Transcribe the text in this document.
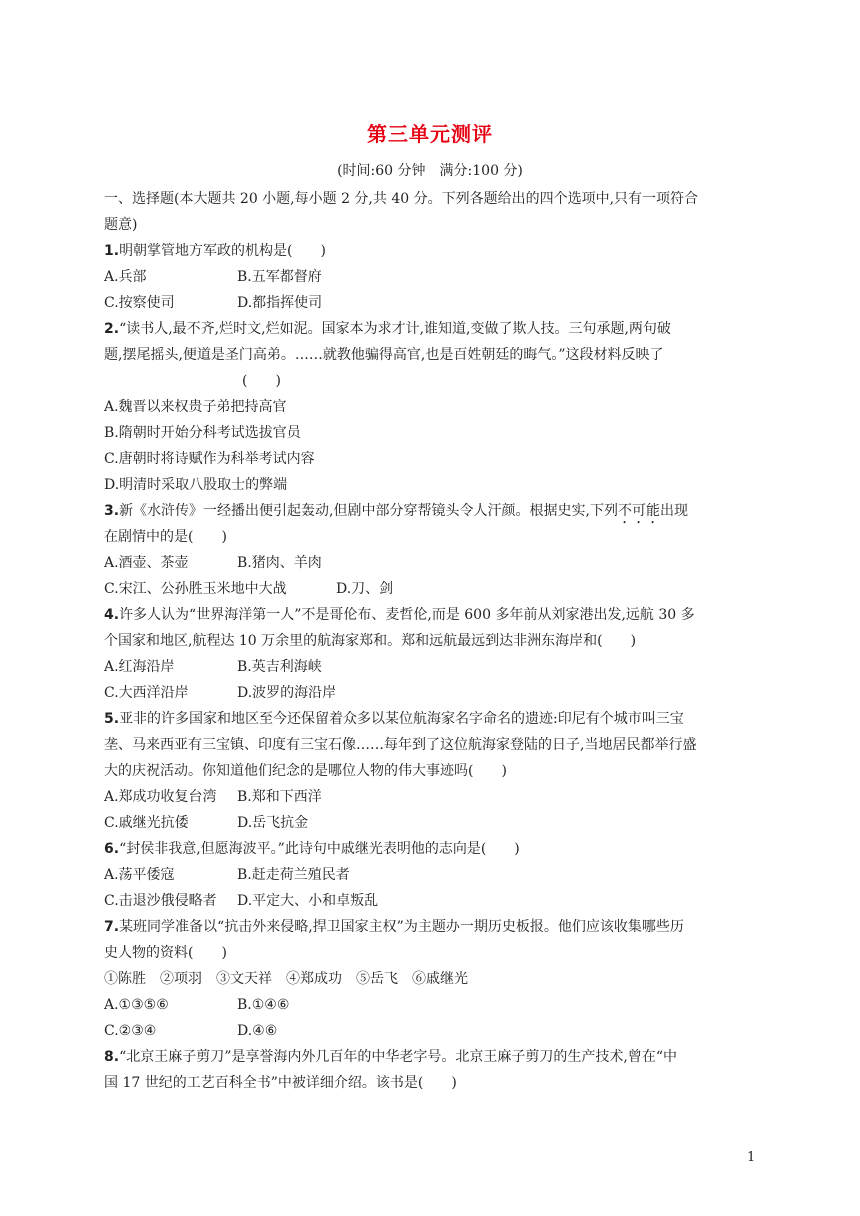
第三单元测评
(时间:60 分钟　满分:100 分)
一、选择题(本大题共 20 小题,每小题 2 分,共 40 分。下列各题给出的四个选项中,只有一项符合
题意)
1.明朝掌管地方军政的机构是(　　)
A.兵部	B.五军都督府
C.按察使司	D.都指挥使司
2.“读书人,最不齐,烂时文,烂如泥。国家本为求才计,谁知道,变做了欺人技。三句承题,两句破
题,摆尾摇头,便道是圣门高弟。……就教他骗得高官,也是百姓朝廷的晦气。”这段材料反映了
(　　)
A.魏晋以来权贵子弟把持高官
B.隋朝时开始分科考试选拔官员
C.唐朝时将诗赋作为科举考试内容
D.明清时采取八股取士的弊端
3.新《水浒传》一经播出便引起轰动,但剧中部分穿帮镜头令人汗颜。根据史实,下列不可能出现
在剧情中的是(　　)
A.酒壶、茶壶	B.猪肉、羊肉
C.宋江、公孙胜玉米地中大战	D.刀、剑
4.许多人认为“世界海洋第一人”不是哥伦布、麦哲伦,而是 600 多年前从刘家港出发,远航 30 多
个国家和地区,航程达 10 万余里的航海家郑和。郑和远航最远到达非洲东海岸和(　　)
A.红海沿岸	B.英吉利海峡
C.大西洋沿岸	D.波罗的海沿岸
5.亚非的许多国家和地区至今还保留着众多以某位航海家名字命名的遗迹:印尼有个城市叫三宝
垄、马来西亚有三宝镇、印度有三宝石像……每年到了这位航海家登陆的日子,当地居民都举行盛
大的庆祝活动。你知道他们纪念的是哪位人物的伟大事迹吗(　　)
A.郑成功收复台湾	B.郑和下西洋
C.戚继光抗倭	D.岳飞抗金
6.“封侯非我意,但愿海波平。”此诗句中戚继光表明他的志向是(　　)
A.荡平倭寇	B.赶走荷兰殖民者
C.击退沙俄侵略者	D.平定大、小和卓叛乱
7.某班同学准备以“抗击外来侵略,捍卫国家主权”为主题办一期历史板报。他们应该收集哪些历
史人物的资料(　　)
①陈胜　②项羽　③文天祥　④郑成功　⑤岳飞　⑥戚继光
A.①③⑤⑥	B.①④⑥
C.②③④	D.④⑥
8.“北京王麻子剪刀”是享誉海内外几百年的中华老字号。北京王麻子剪刀的生产技术,曾在“中
国 17 世纪的工艺百科全书”中被详细介绍。该书是(　　)
1
